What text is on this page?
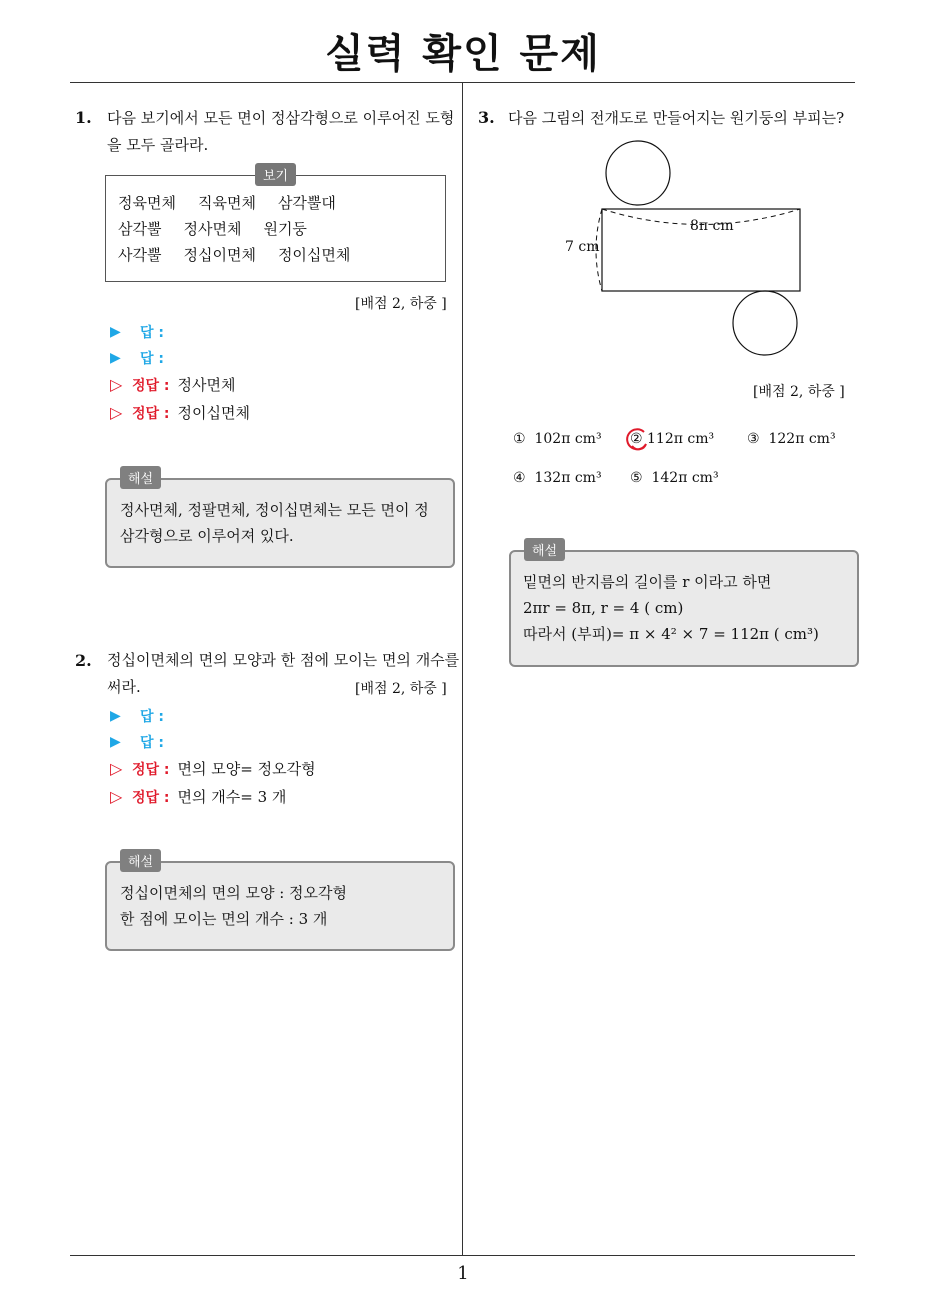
실력 확인 문제
1
1. 다음 보기에서 모든 면이 정삼각형으로 이루어진 도형
을 모두 골라라.
보기
정육면체 직육면체 삼각뿔대
삼각뿔 정사면체 원기둥
사각뿔 정십이면체 정이십면체
[배점 2, 하중 ]
▶	답 :
▶	답 :
▷ 정답 : 정사면체
▷ 정답 : 정이십면체
해설
정사면체, 정팔면체, 정이십면체는 모든 면이 정
삼각형으로 이루어져 있다.
2. 정십이면체의 면의 모양과 한 점에 모이는 면의 개수를
써라.	[배점 2, 하중 ]
▶	답 :
▶	답 :
▷ 정답 : 면의 모양= 정오각형
▷ 정답 : 면의 개수= 3 개
해설
정십이면체의 면의 모양 : 정오각형
한 점에 모이는 면의 개수 : 3 개
3. 다음 그림의 전개도로 만들어지는 원기둥의 부피는?
8π cm
7 cm
[배점 2, 하중 ]
① 102π cm³ ② 112π cm³ ③ 122π cm³
④ 132π cm³ ⑤ 142π cm³
해설
밑면의 반지름의 길이를 r 이라고 하면
2πr = 8π, r = 4 ( cm)
따라서 (부피)= π × 4² × 7 = 112π ( cm³)
